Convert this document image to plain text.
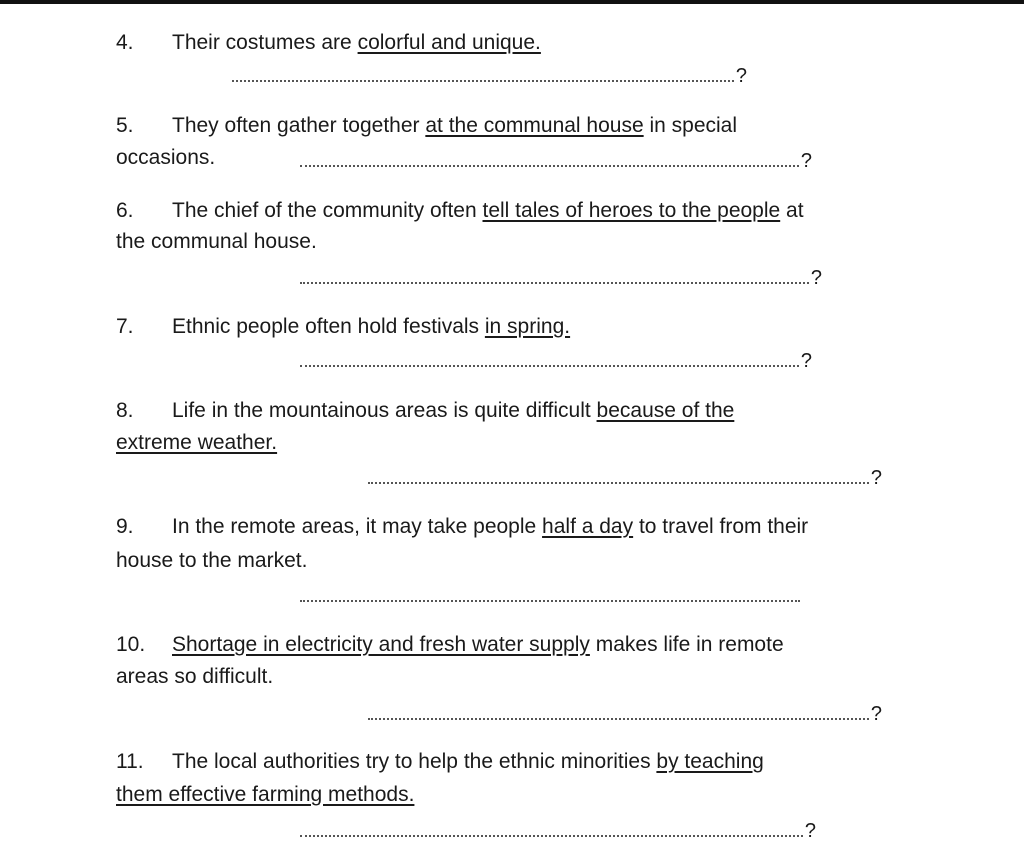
4. Their costumes are colorful and unique.
?
5. They often gather together at the communal house in special
occasions.	?
6. The chief of the community often tell tales of heroes to the people at
the communal house.
?
7. Ethnic people often hold festivals in spring.
?
8. Life in the mountainous areas is quite difficult because of the
extreme weather.
?
9. In the remote areas, it may take people half a day to travel from their
house to the market.
10. Shortage in electricity and fresh water supply makes life in remote
areas so difficult.
?
11. The local authorities try to help the ethnic minorities by teaching
them effective farming methods.
?
